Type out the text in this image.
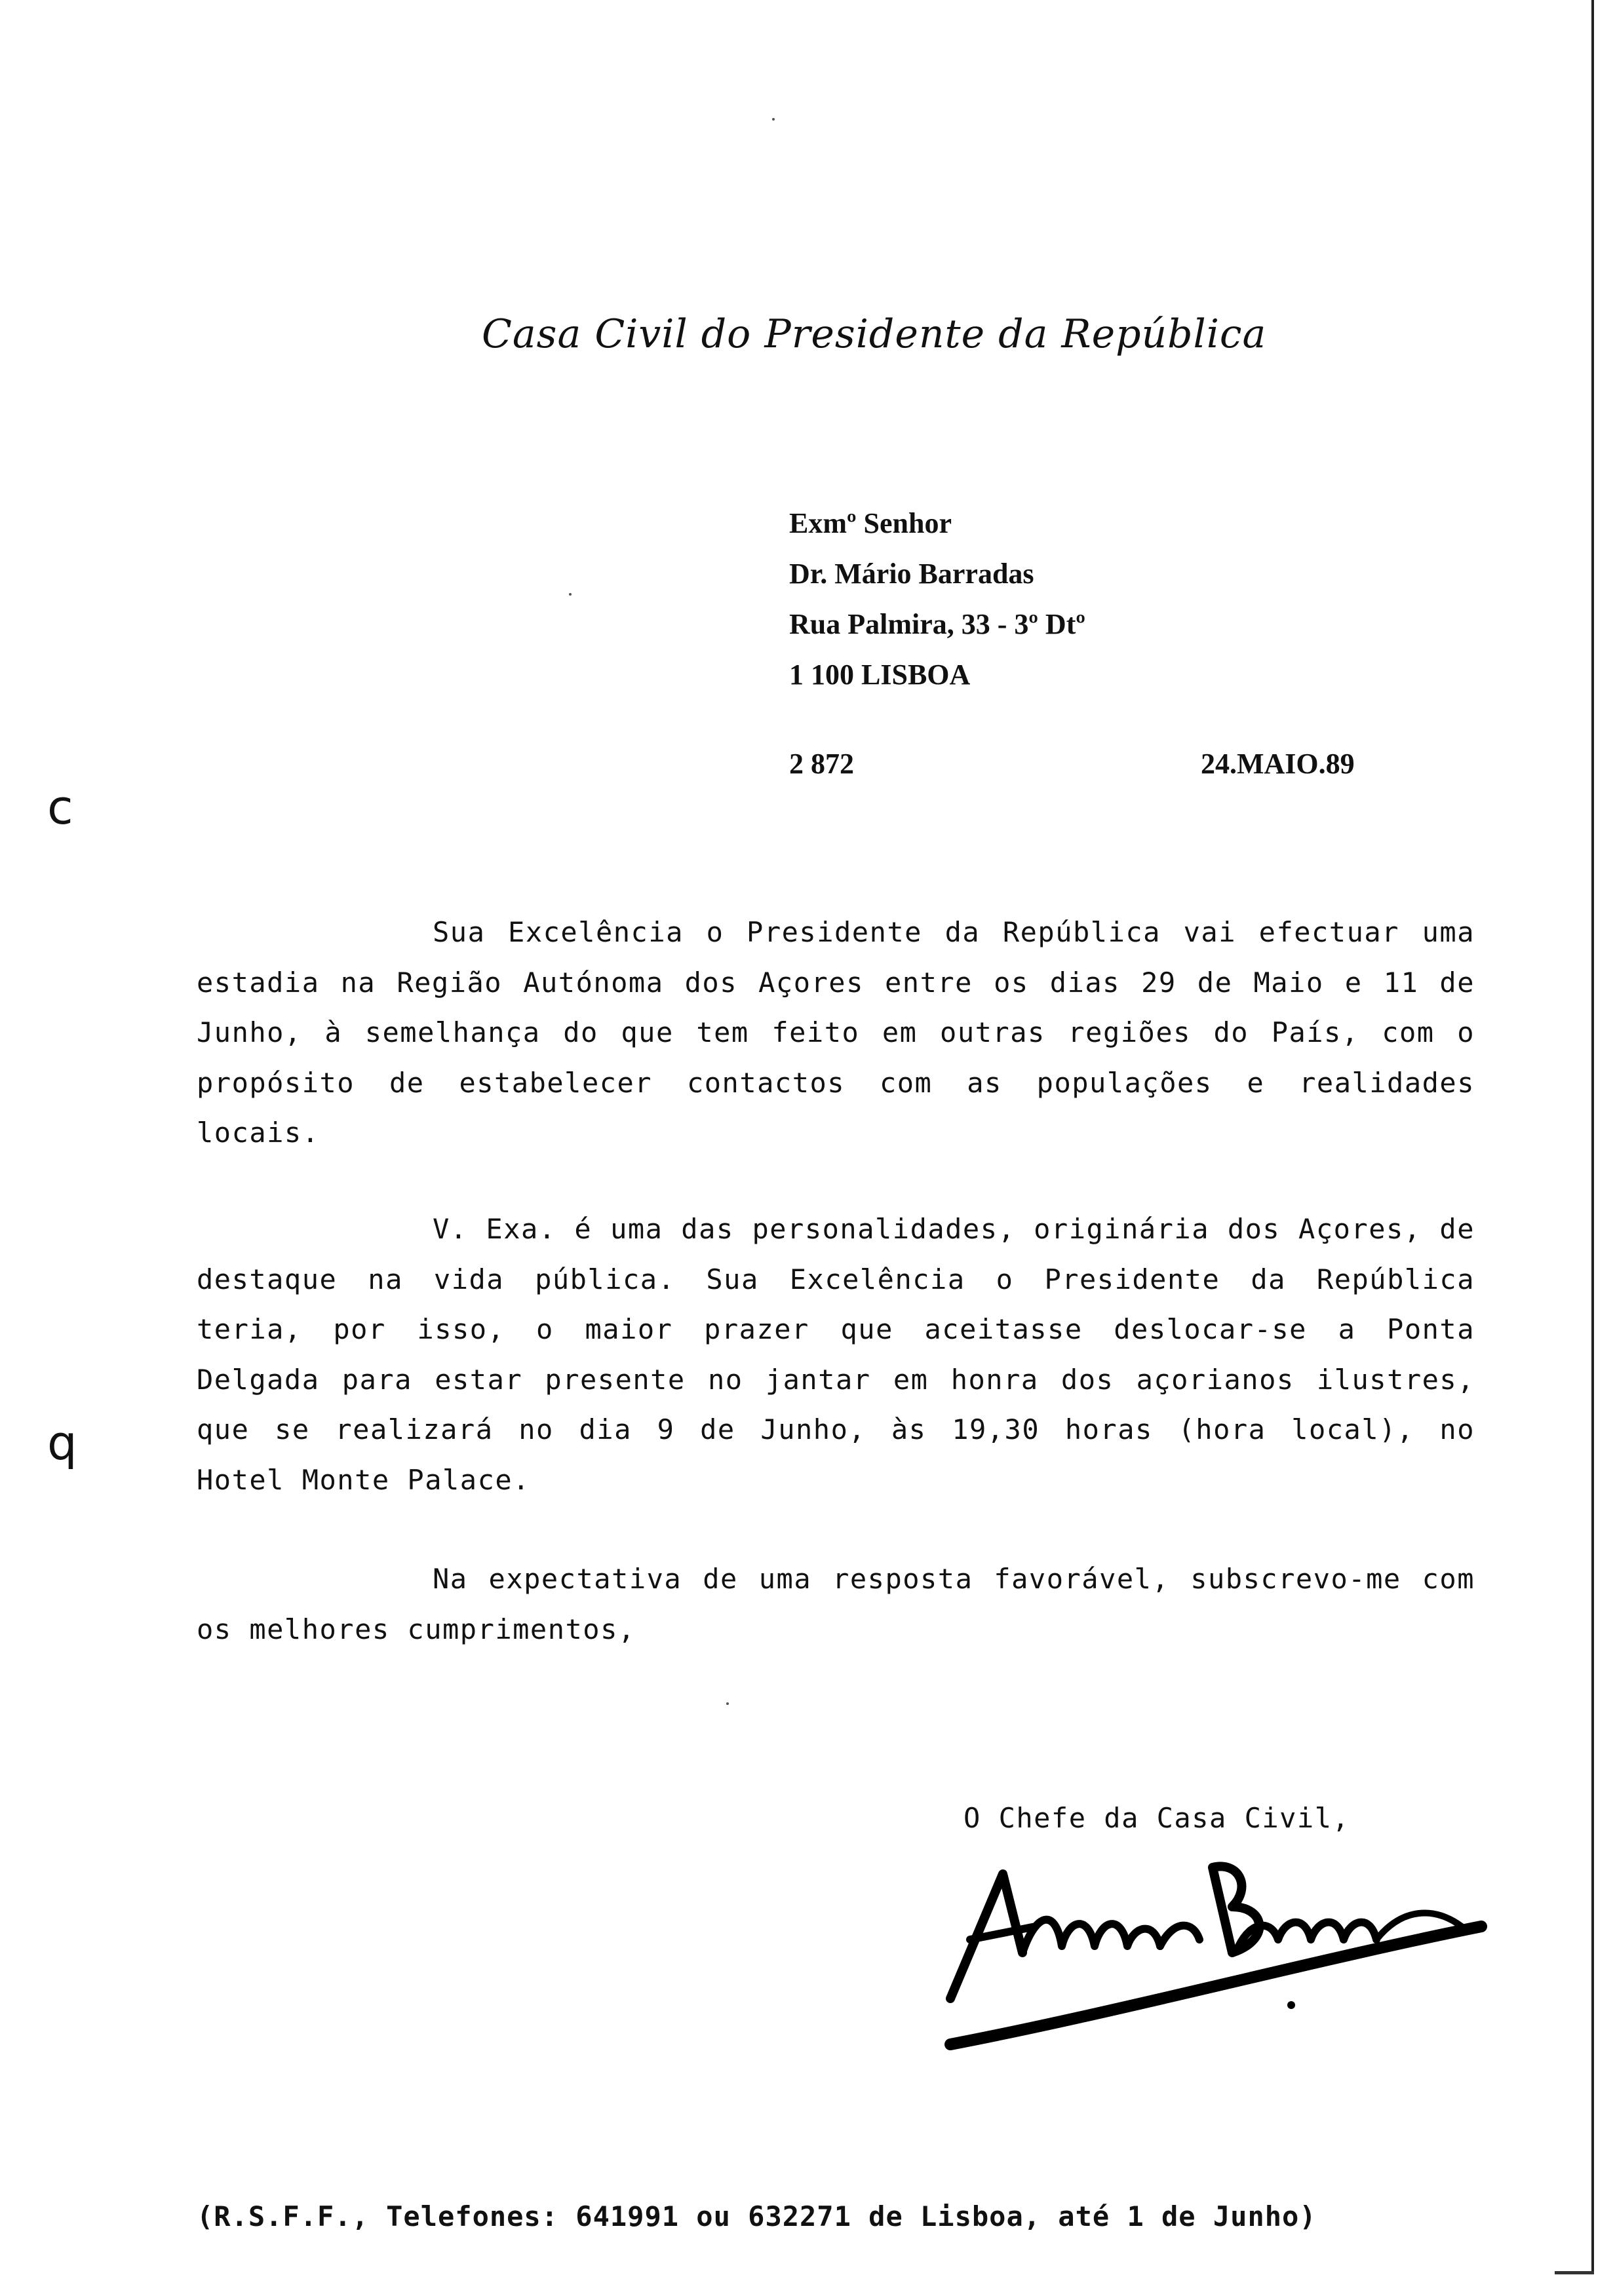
Casa Civil do Presidente da República
Exmº Senhor
Dr. Mário Barradas
Rua Palmira, 33 - 3º Dtº
1 100 LISBOA
2 872	24.MAIO.89
Sua Excelência o Presidente da República vai efectuar uma estadia na Região Autónoma dos Açores entre os dias 29 de Maio e 11 de Junho, à semelhança do que tem feito em outras regiões do País, com o propósito de estabelecer contactos com as populações e realidades locais.
V. Exa. é uma das personalidades, originária dos Açores, de destaque na vida pública. Sua Excelência o Presidente da República teria, por isso, o maior prazer que aceitasse deslocar-se a Ponta Delgada para estar presente no jantar em honra dos açorianos ilustres, que se realizará no dia 9 de Junho, às 19,30 horas (hora local), no Hotel Monte Palace.
Na expectativa de uma resposta favorável, subscrevo-me com os melhores cumprimentos,
O Chefe da Casa Civil,
(R.S.F.F., Telefones: 641991 ou 632271 de Lisboa, até 1 de Junho)
c
q
